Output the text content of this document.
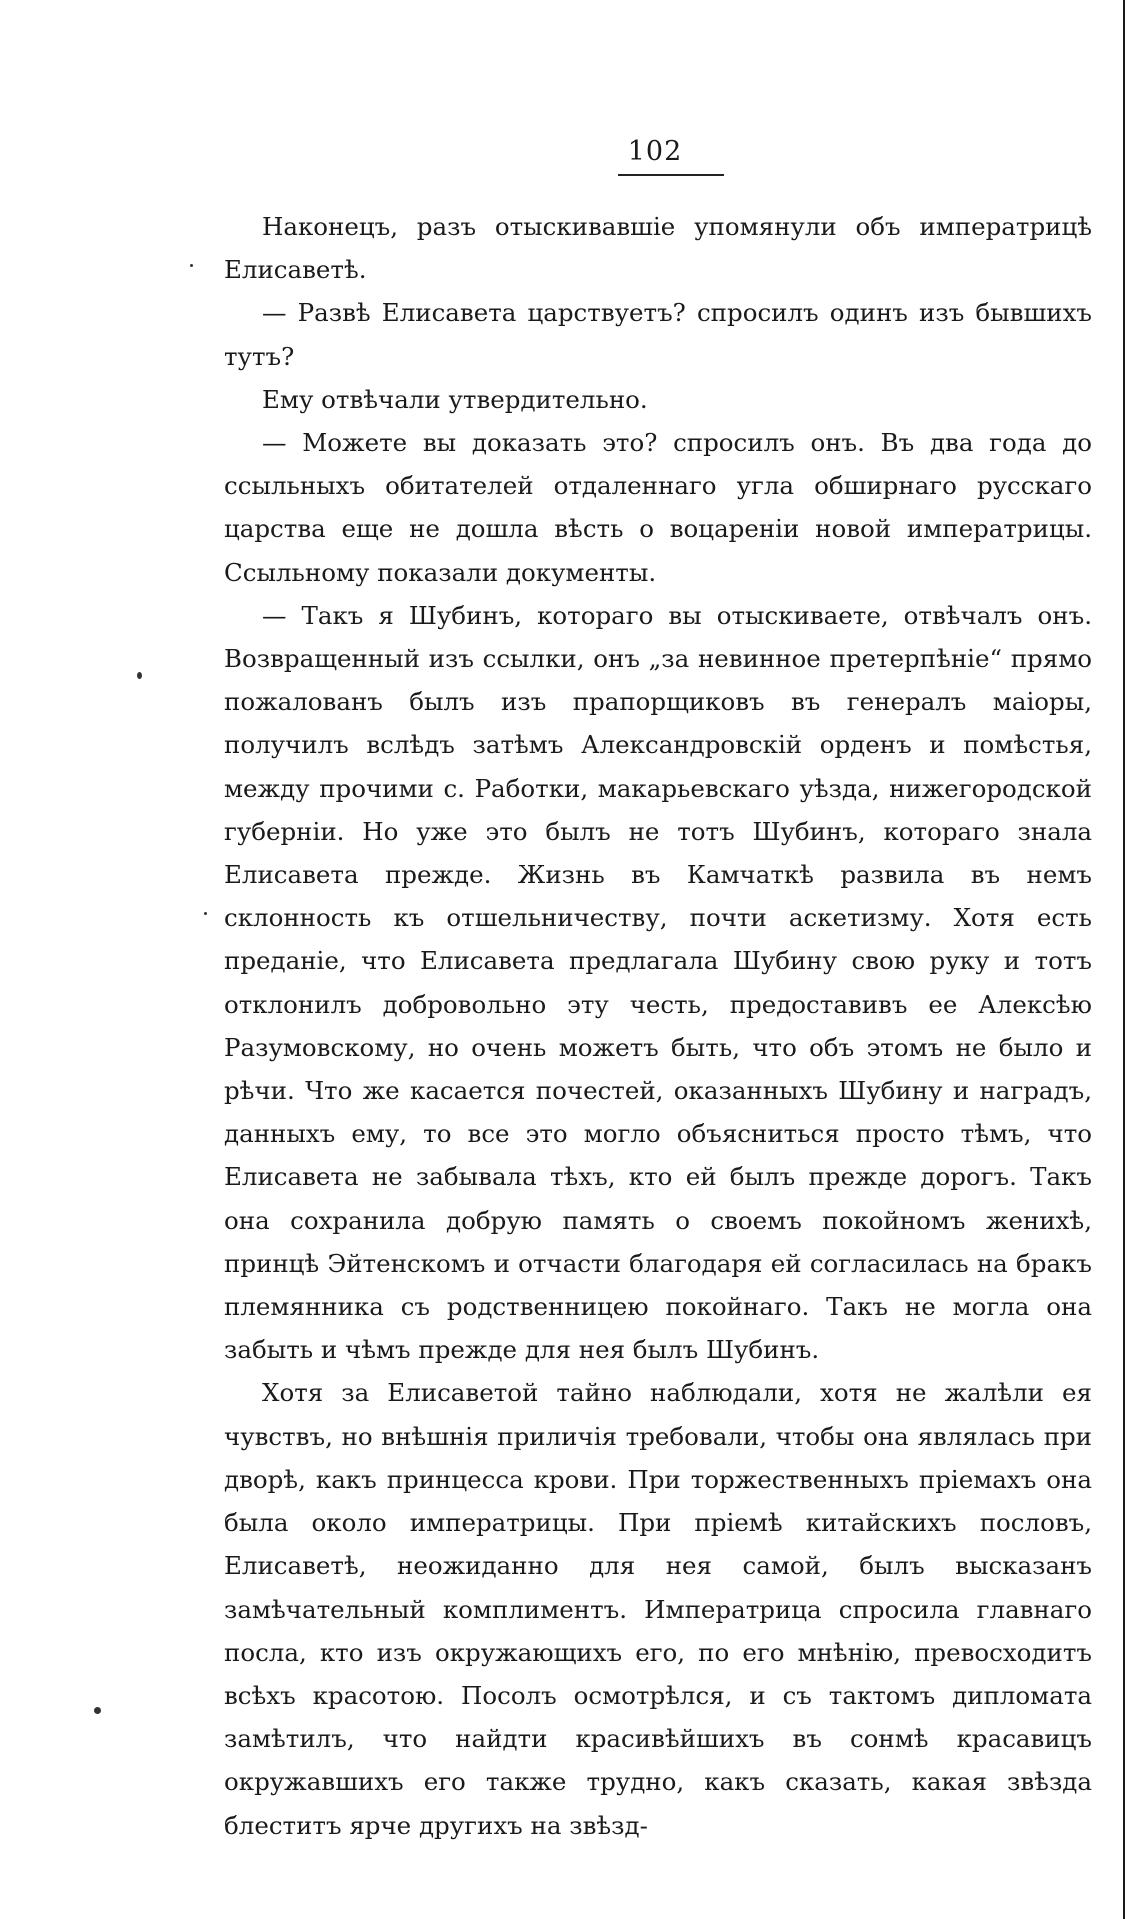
102

Наконецъ, разъ отыскивавшіе упомянули объ императрицѣ Елисаветѣ.

— Развѣ Елисавета царствуетъ? спросилъ одинъ изъ бывшихъ тутъ?

Ему отвѣчали утвердительно.

— Можете вы доказать это? спросилъ онъ. Въ два года до ссыльныхъ обитателей отдаленнаго угла обширнаго русскаго царства еще не дошла вѣсть о воцареніи новой императрицы. Ссыльному показали документы.

— Такъ я Шубинъ, котораго вы отыскиваете, отвѣчалъ онъ. Возвращенный изъ ссылки, онъ „за невинное претерпѣніе“ прямо пожалованъ былъ изъ прапорщиковъ въ генералъ маіоры, получилъ вслѣдъ затѣмъ Александровскій орденъ и помѣстья, между прочими с. Работки, макарьевскаго уѣзда, нижегородской губерніи. Но уже это былъ не тотъ Шубинъ, котораго знала Елисавета прежде. Жизнь въ Камчаткѣ развила въ немъ склонность къ отшельничеству, почти аскетизму. Хотя есть преданіе, что Елисавета предлагала Шубину свою руку и тотъ отклонилъ добровольно эту честь, предоставивъ ее Алексѣю Разумовскому, но очень можетъ быть, что объ этомъ не было и рѣчи. Что же касается почестей, оказанныхъ Шубину и наградъ, данныхъ ему, то все это могло объясниться просто тѣмъ, что Елисавета не забывала тѣхъ, кто ей былъ прежде дорогъ. Такъ она сохранила добрую память о своемъ покойномъ женихѣ, принцѣ Эйтенскомъ и отчасти благодаря ей согласилась на бракъ племянника съ родственницею покойнаго. Такъ не могла она забыть и чѣмъ прежде для нея былъ Шубинъ.

Хотя за Елисаветой тайно наблюдали, хотя не жалѣли ея чувствъ, но внѣшнія приличія требовали, чтобы она являлась при дворѣ, какъ принцесса крови. При торжественныхъ пріемахъ она была около императрицы. При пріемѣ китайскихъ пословъ, Елисаветѣ, неожиданно для нея самой, былъ высказанъ замѣчательный комплиментъ. Императрица спросила главнаго посла, кто изъ окружающихъ его, по его мнѣнію, превосходитъ всѣхъ красотою. Посолъ осмотрѣлся, и съ тактомъ дипломата замѣтилъ, что найдти красивѣйшихъ въ сонмѣ красавицъ окружавшихъ его также трудно, какъ сказать, какая звѣзда блеститъ ярче другихъ на звѣзд-
